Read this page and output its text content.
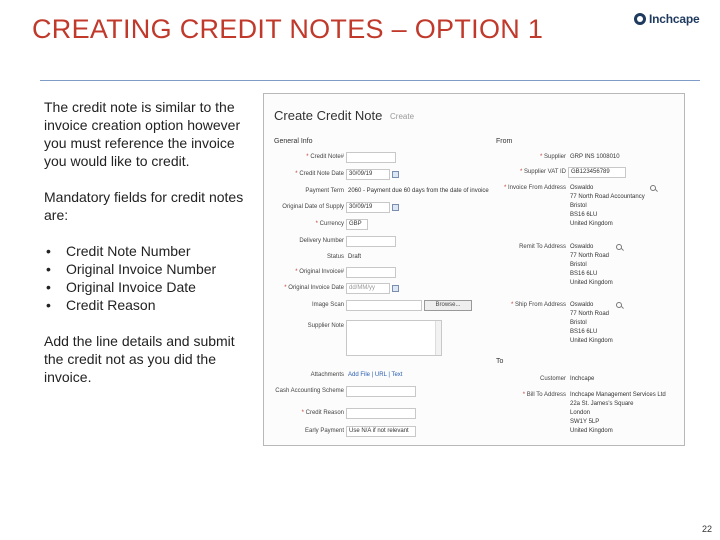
CREATING CREDIT NOTES – OPTION 1	Inchcape

The credit note is similar to the invoice creation option however you must reference the invoice you would like to credit.

Mandatory fields for credit notes are:

•	Credit Note Number
•	Original Invoice Number
•	Original Invoice Date
•	Credit Reason

Add the line details and submit the credit not as you did the invoice.

Create Credit Note Create
General Info	From
* Credit Note#
* Credit Note Date 30/09/19
Payment Term 2060 - Payment due 60 days from the date of invoice
Original Date of Supply 30/09/19
* Currency GBP
Delivery Number
Status Draft
* Original Invoice#
* Original Invoice Date dd/MM/yy
Image Scan	Browse...
Supplier Note
Attachments Add File | URL | Text
Cash Accounting Scheme
* Credit Reason
Early Payment Use N/A if not relevant
* Supplier GRP INS 1008010
* Supplier VAT ID GB123456789
* Invoice From Address Oswaldo
77 North Road Accountancy
Bristol
BS16 6LU
United Kingdom
Remit To Address Oswaldo
77 North Road
Bristol
BS16 6LU
United Kingdom
* Ship From Address Oswaldo
77 North Road
Bristol
BS16 6LU
United Kingdom
To
Customer Inchcape
* Bill To Address Inchcape Management Services Ltd
22a St. James's Square
London
SW1Y 5LP
United Kingdom
22
